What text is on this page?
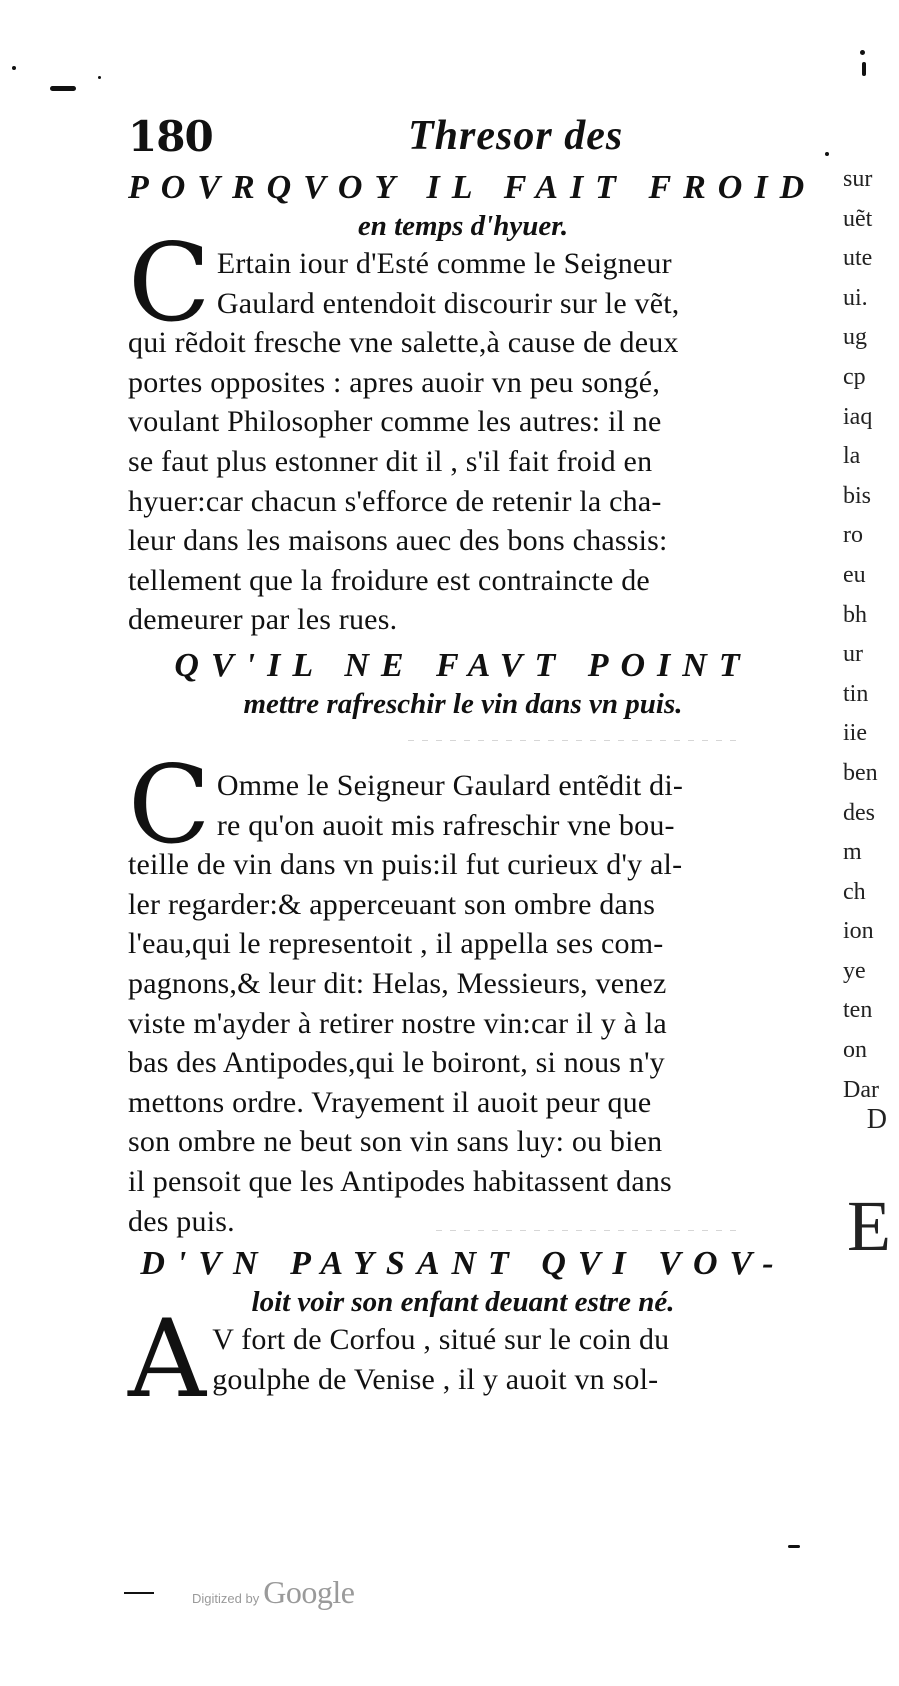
180	Thresor des
POVRQVOY IL FAIT FROID
en temps d'hyuer.
C Ertain iour d'Esté comme le Seigneur
Gaulard entendoit discourir sur le vẽt,
qui rẽdoit fresche vne salette,à cause de deux
portes opposites : apres auoir vn peu songé,
voulant Philosopher comme les autres: il ne
se faut plus estonner dit il , s'il fait froid en
hyuer:car chacun s'efforce de retenir la cha-
leur dans les maisons auec des bons chassis:
tellement que la froidure est contraincte de
demeurer par les rues.
QV'IL NE FAVT POINT
mettre rafreschir le vin dans vn puis.
C Omme le Seigneur Gaulard entẽdit di-
re qu'on auoit mis rafreschir vne bou-
teille de vin dans vn puis:il fut curieux d'y al-
ler regarder:& apperceuant son ombre dans
l'eau,qui le representoit , il appella ses com-
pagnons,& leur dit: Helas, Messieurs, venez
viste m'ayder à retirer nostre vin:car il y à la
bas des Antipodes,qui le boiront, si nous n'y
mettons ordre. Vrayement il auoit peur que
son ombre ne beut son vin sans luy: ou bien
il pensoit que les Antipodes habitassent dans
des puis.
D'VN PAYSANT QVI VOV-
loit voir son enfant deuant estre né.
A V fort de Corfou , situé sur le coin du
goulphe de Venise , il y auoit vn sol-
sur
uẽt
ute
ui.
ug
cp
iaq
la
bis
ro
eu
bh
ur
tin
iie
ben
des
m
ch
ion
ye
ten
on
Dar
D
E
Digitized by Google
